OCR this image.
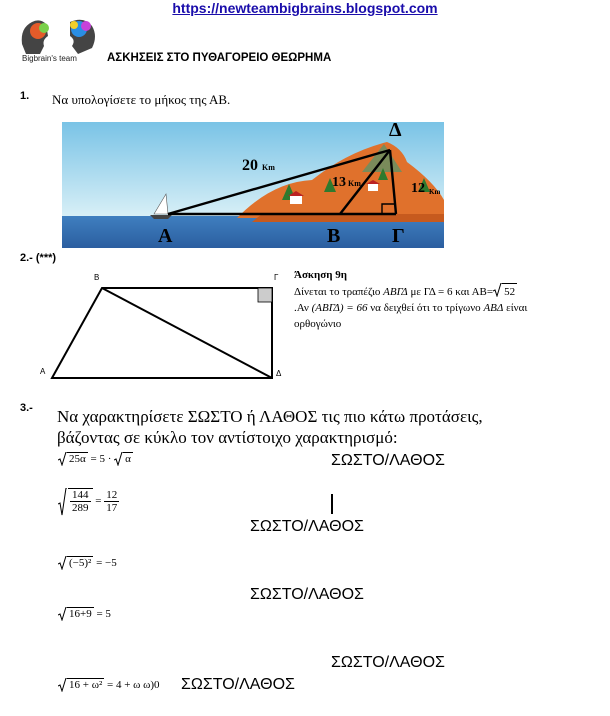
https://newteambigbrains.blogspot.com
Bigbrain's team	ΑΣΚΗΣΕΙΣ ΣΤΟ ΠΥΘΑΓΟΡΕΙΟ ΘΕΩΡΗΜΑ
1. Να υπολογίσετε το μήκος της ΑΒ.
Δ
Α	Β	Γ
20 Km
13 Km	12 Km
2.- (***)
Β	Γ
Α	Δ
Άσκηση 9η
Δίνεται το τραπέζιο ΑΒΓΔ με ΓΔ = 6 και ΑΒ= 52
.Αν (ΑΒΓΔ) = 66 να δειχθεί ότι το τρίγωνο ΑΒΔ είναι
ορθογώνιο
3.- Να χαρακτηρίσετε ΣΩΣΤΟ ή ΛΑΘΟΣ τις πιο κάτω προτάσεις,
βάζοντας σε κύκλο τον αντίστοιχο χαρακτηρισμό:
25α = 5 · α	ΣΩΣΤΟ/ΛΑΘΟΣ
$\frac{144}{289} = \frac{12}{17}$
ΣΩΣΤΟ/ΛΑΘΟΣ
(−5)² = −5
ΣΩΣΤΟ/ΛΑΘΟΣ
16+9 = 5
ΣΩΣΤΟ/ΛΑΘΟΣ
16 + ω² = 4 + ω ω)0 ΣΩΣΤΟ/ΛΑΘΟΣ
